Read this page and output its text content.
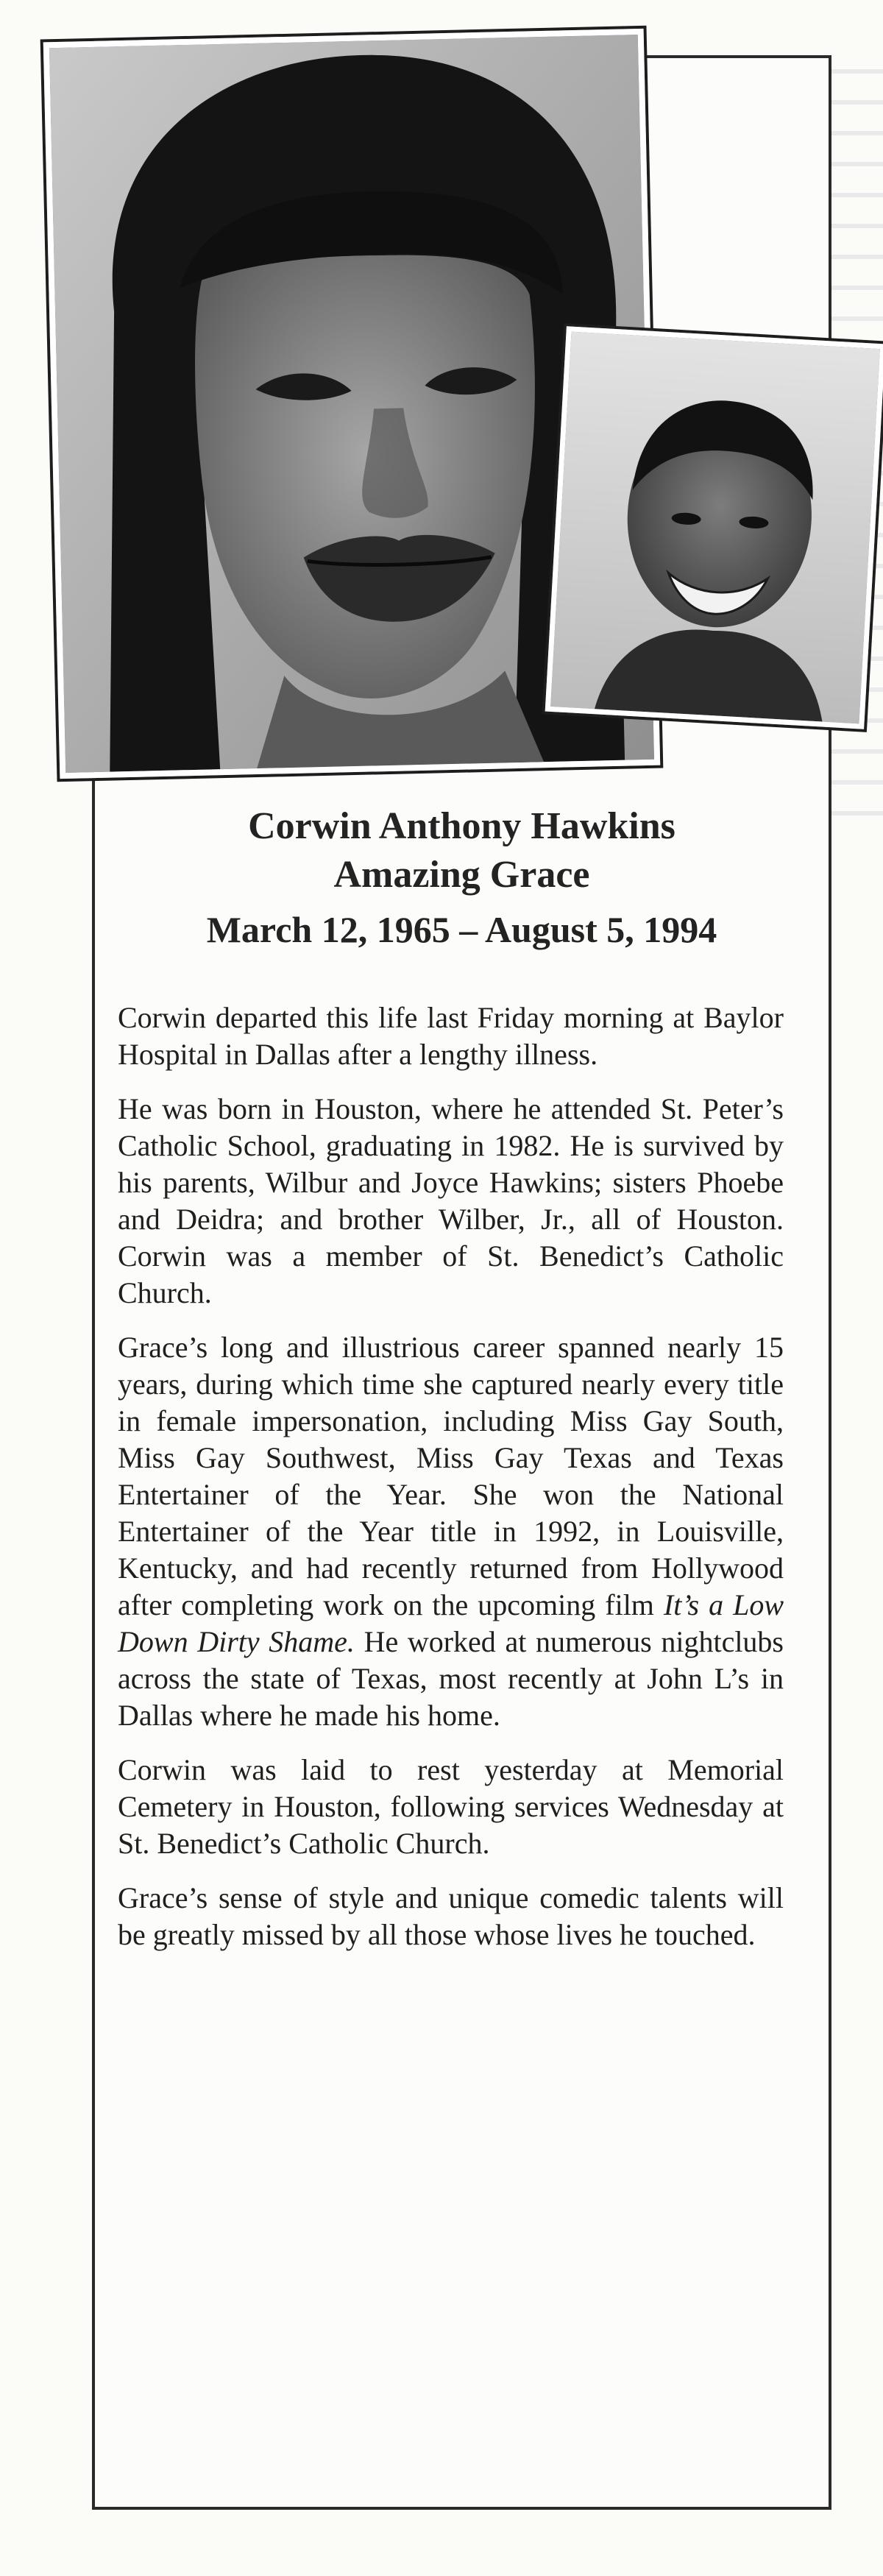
Corwin Anthony Hawkins
Amazing Grace
March 12, 1965 – August 5, 1994

Corwin departed this life last Friday morning at Baylor Hospital in Dallas after a lengthy illness.

He was born in Houston, where he attended St. Peter’s Catholic School, graduating in 1982. He is survived by his parents, Wilbur and Joyce Hawkins; sisters Phoebe and Deidra; and brother Wilber, Jr., all of Houston. Corwin was a member of St. Benedict’s Catholic Church.

Grace’s long and illustrious career spanned nearly 15 years, during which time she captured nearly every title in female impersonation, including Miss Gay South, Miss Gay Southwest, Miss Gay Texas and Texas Entertainer of the Year. She won the National Entertainer of the Year title in 1992, in Louisville, Kentucky, and had recently returned from Hollywood after completing work on the upcoming film It’s a Low Down Dirty Shame. He worked at numerous nightclubs across the state of Texas, most recently at John L’s in Dallas where he made his home.

Corwin was laid to rest yesterday at Memorial Cemetery in Houston, following services Wednesday at St. Benedict’s Catholic Church.

Grace’s sense of style and unique comedic talents will be greatly missed by all those whose lives he touched.
